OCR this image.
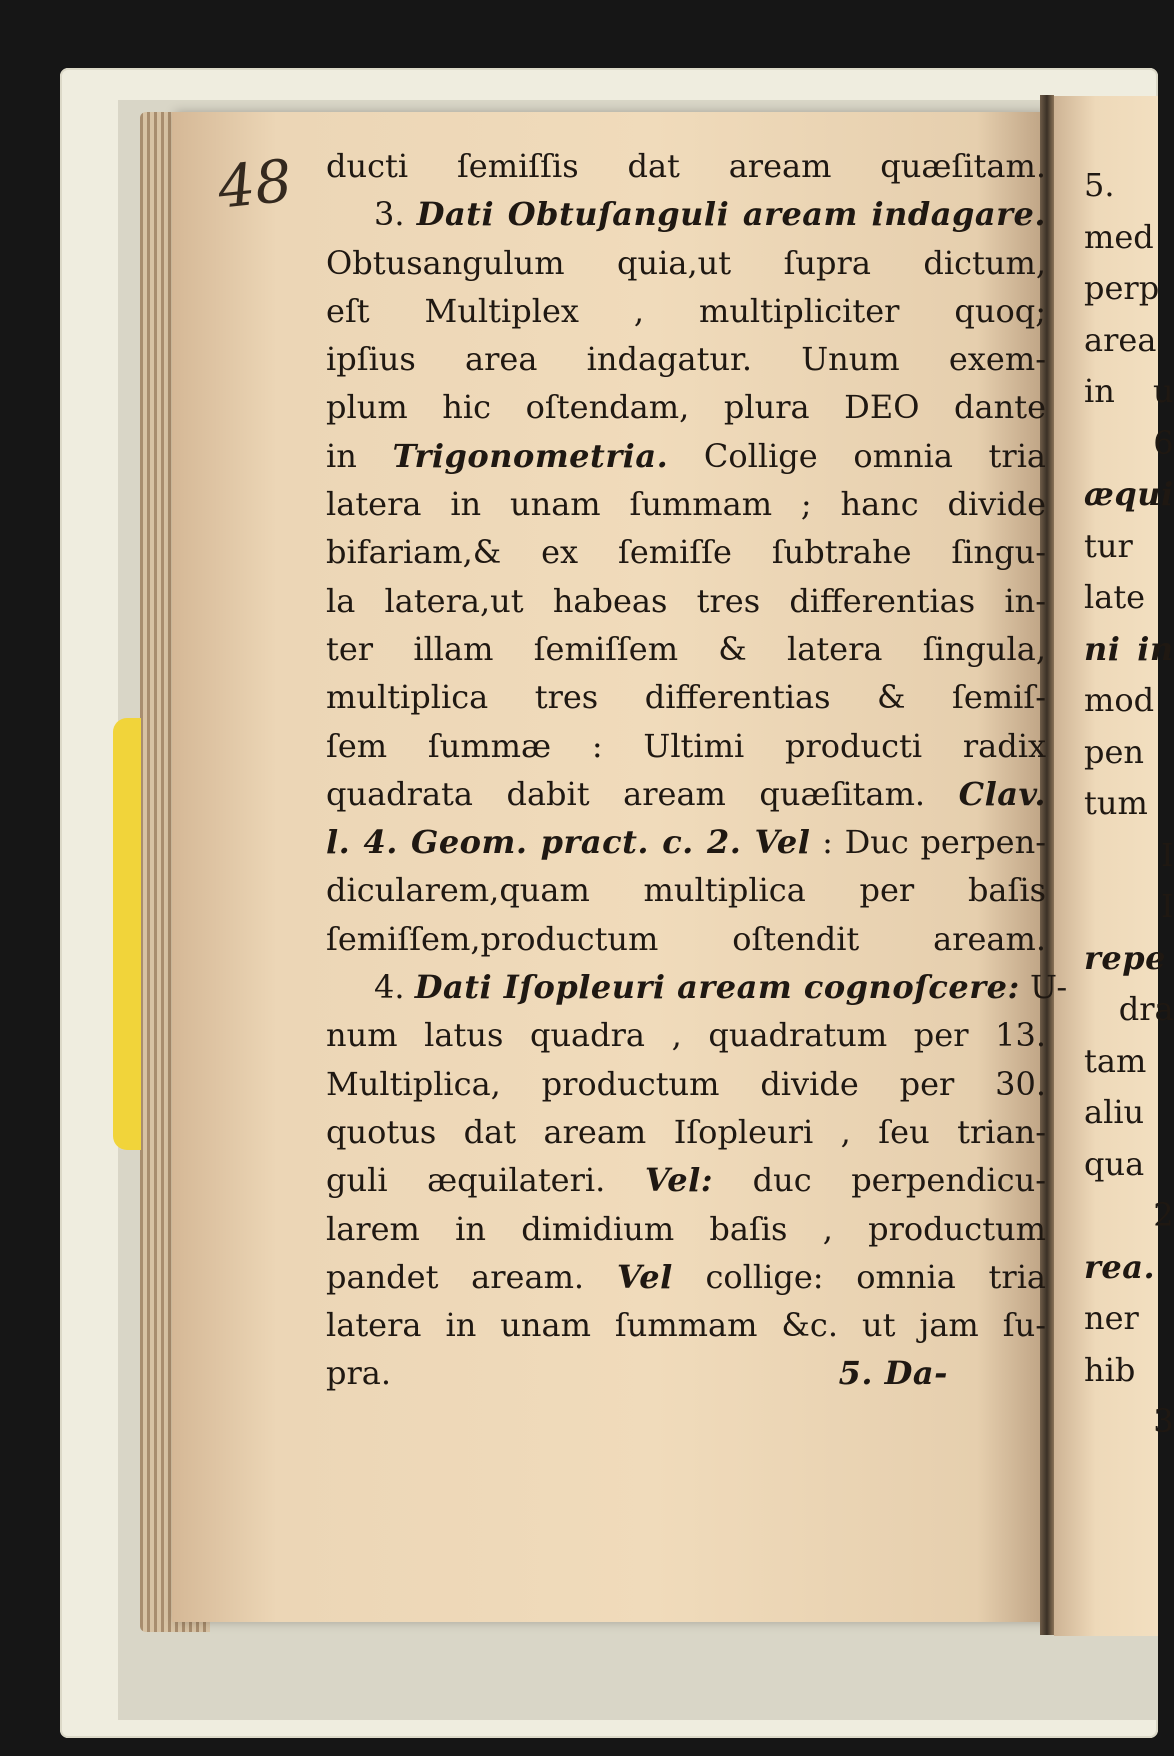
48 ducti ſemiſſis dat aream quæſitam.
3. Dati Obtuſanguli aream indagare.
Obtusangulum quia,ut ſupra dictum,
eſt Multiplex , multipliciter quoq;
ipſius area indagatur. Unum exem-
plum hic oſtendam, plura DEO dante
in Trigonometria. Collige omnia tria
latera in unam ſummam ; hanc divide
bifariam,& ex ſemiſſe ſubtrahe ſingu-
la latera,ut habeas tres differentias in-
ter illam ſemiſſem & latera ſingula,
multiplica tres differentias & ſemiſ-
ſem ſummæ : Ultimi producti radix
quadrata dabit aream quæſitam. Clav.
l. 4. Geom. pract. c. 2. Vel : Duc perpen-
dicularem,quam multiplica per baſis
ſemiſſem,productum oſtendit aream.
4. Dati Iſopleuri aream cognoſcere: U-
num latus quadra , quadratum per 13.
Multiplica, productum divide per 30.
quotus dat aream Iſopleuri , ſeu trian-
guli æquilateri. Vel: duc perpendicu-
larem in dimidium baſis , productum
pandet aream. Vel collige: omnia tria
latera in unam ſummam &c. ut jam ſu-
pra.                                            5. Da-
5.
med
perp
area
in u
6
æqui
tur
late
ni in
mod
pen
tum
I
I
repe
dra
tam
aliu
qua
2
rea.
ner
hib
3
